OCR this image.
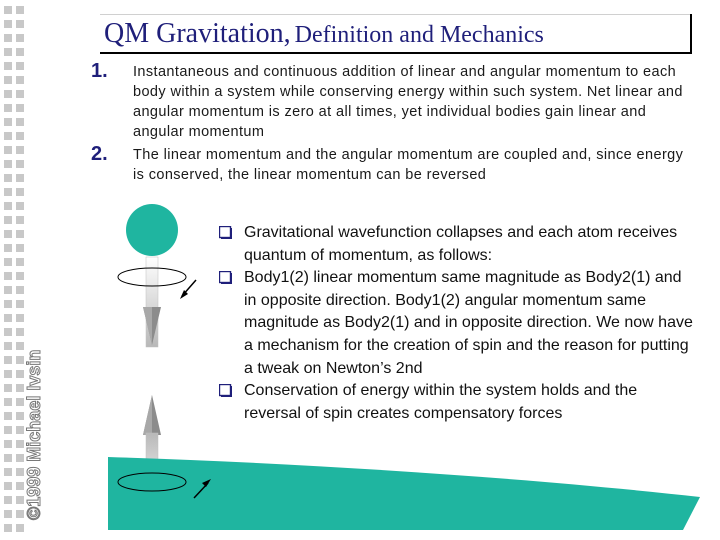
©1999 Michael Ivsin
QM Gravitation, Definition and Mechanics
1. Instantaneous and continuous addition of linear and angular momentum to each body within a system while conserving energy within such system. Net linear and angular momentum is zero at all times, yet individual bodies gain linear and angular momentum
2. The linear momentum and the angular momentum are coupled and, since energy is conserved, the linear momentum can be reversed
Gravitational wavefunction collapses and each atom receives quantum of momentum, as follows:
Body1(2) linear momentum same magnitude as Body2(1) and in opposite direction. Body1(2) angular momentum same magnitude as Body2(1) and in opposite direction. We now have a mechanism for the creation of spin and the reason for putting a tweak on Newton’s 2nd
Conservation of energy within the system holds and the reversal of spin creates compensatory forces
